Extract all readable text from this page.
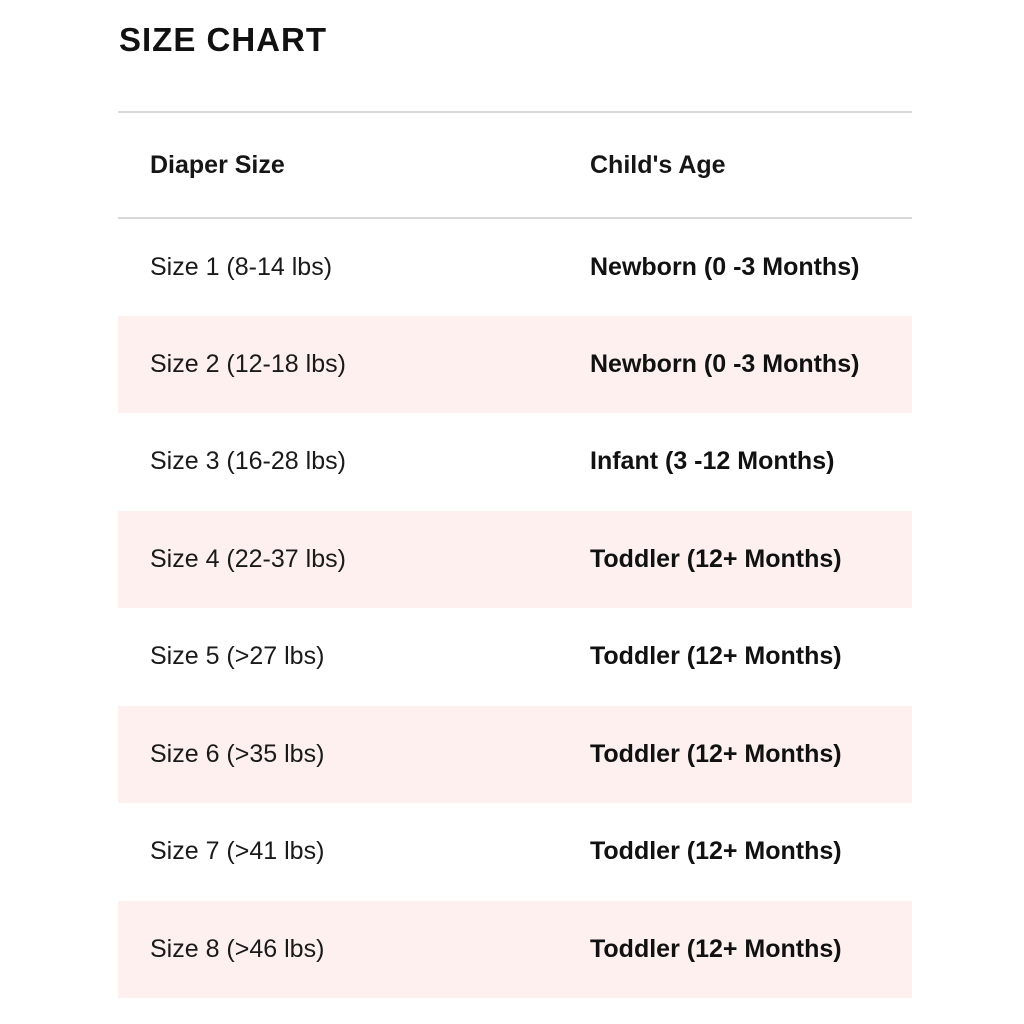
SIZE CHART
Diaper Size	Child's Age
Size 1 (8-14 lbs)	Newborn (0 -3 Months)
Size 2 (12-18 lbs)	Newborn (0 -3 Months)
Size 3 (16-28 lbs)	Infant (3 -12 Months)
Size 4 (22-37 lbs)	Toddler (12+ Months)
Size 5 (>27 lbs)	Toddler (12+ Months)
Size 6 (>35 lbs)	Toddler (12+ Months)
Size 7 (>41 lbs)	Toddler (12+ Months)
Size 8 (>46 lbs)	Toddler (12+ Months)
